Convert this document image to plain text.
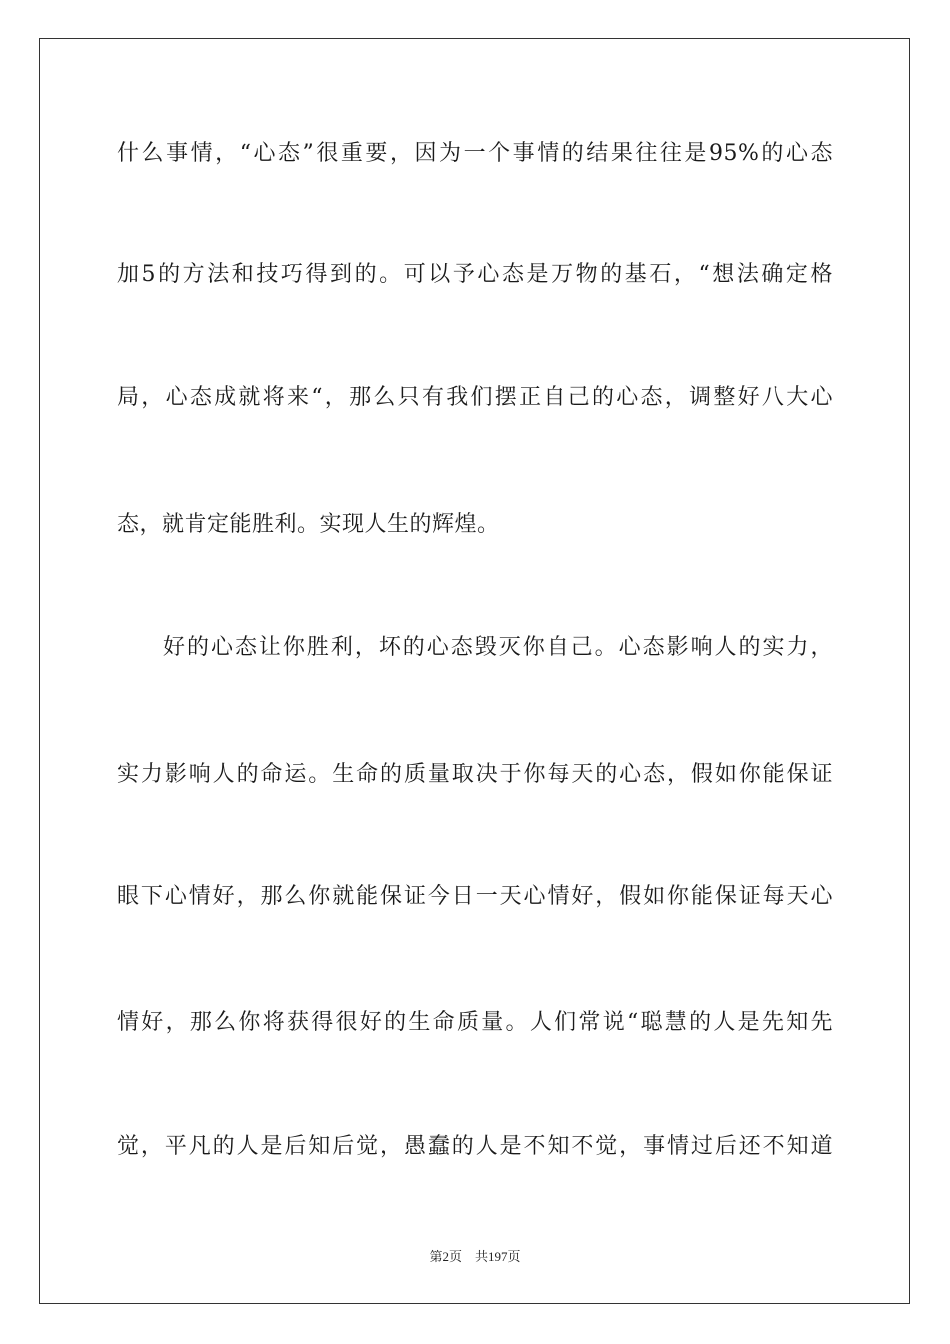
什么事情，“心态”很重要，因为一个事情的结果往往是95%的心态
加5的方法和技巧得到的。可以予心态是万物的基石，“想法确定格
局，心态成就将来“，那么只有我们摆正自己的心态，调整好八大心
态，就肯定能胜利。实现人生的辉煌。
好的心态让你胜利，坏的心态毁灭你自己。心态影响人的实力，
实力影响人的命运。生命的质量取决于你每天的心态，假如你能保证
眼下心情好，那么你就能保证今日一天心情好，假如你能保证每天心
情好，那么你将获得很好的生命质量。人们常说“聪慧的人是先知先
觉，平凡的人是后知后觉，愚蠢的人是不知不觉，事情过后还不知道
第2页 共197页
